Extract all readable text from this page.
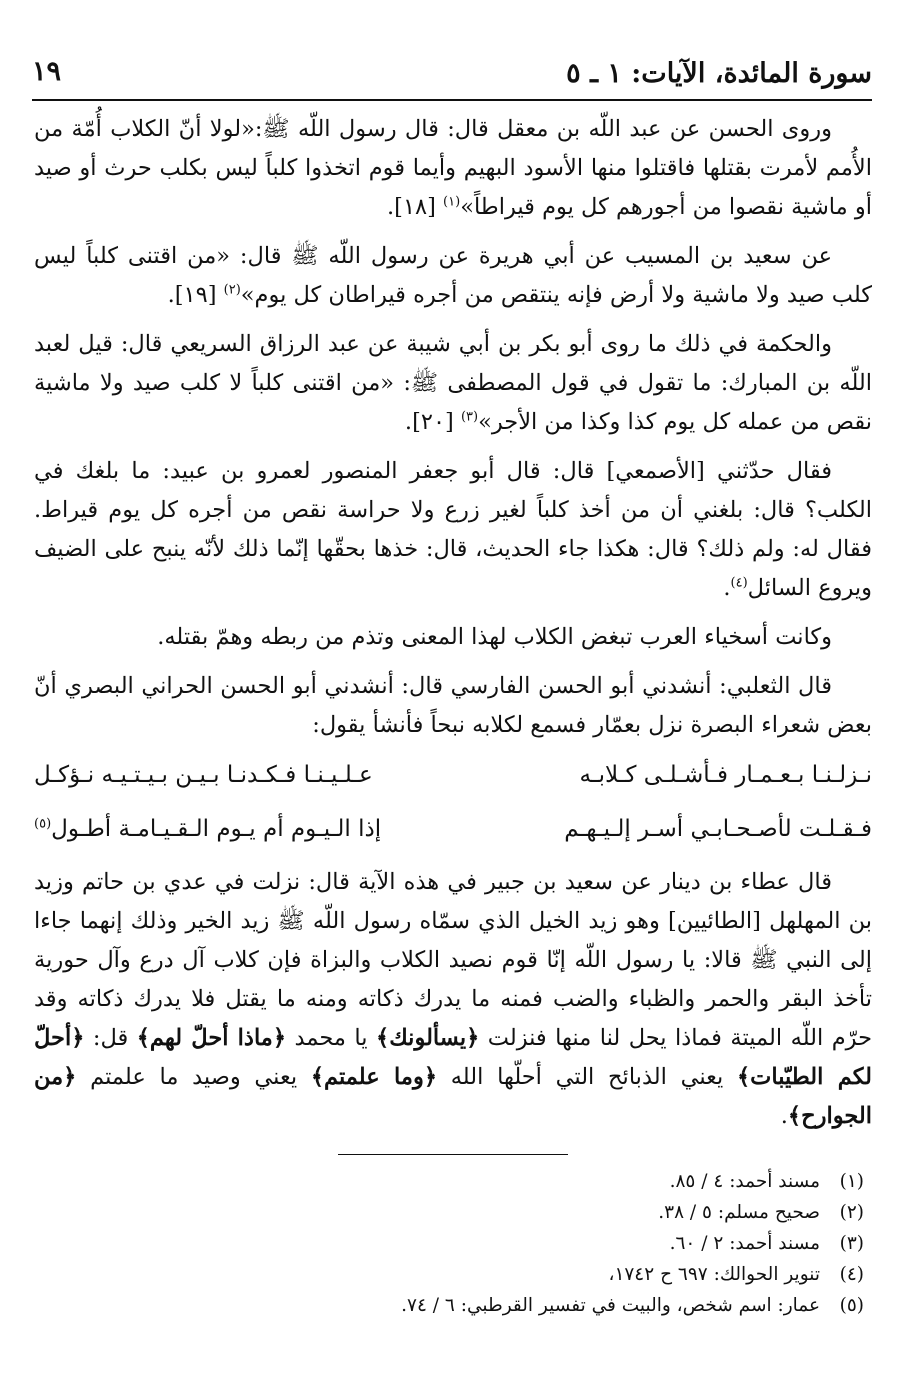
سورة المائدة، الآيات: ١ ـ ٥
١٩

وروى الحسن عن عبد اللّه بن معقل قال: قال رسول اللّه ﷺ:«لولا أنّ الكلاب أُمّة من الأُمم لأمرت بقتلها فاقتلوا منها الأسود البهيم وأيما قوم اتخذوا كلباً ليس بكلب حرث أو صيد أو ماشية نقصوا من أجورهم كل يوم قيراطاً»$^{(١)}$ [١٨].

عن سعيد بن المسيب عن أبي هريرة عن رسول اللّه ﷺ قال: «من اقتنى كلباً ليس كلب صيد ولا ماشية ولا أرض فإنه ينتقص من أجره قيراطان كل يوم»$^{(٢)}$ [١٩].

والحكمة في ذلك ما روى أبو بكر بن أبي شيبة عن عبد الرزاق السريعي قال: قيل لعبد اللّه بن المبارك: ما تقول في قول المصطفى ﷺ: «من اقتنى كلباً لا كلب صيد ولا ماشية نقص من عمله كل يوم كذا وكذا من الأجر»$^{(٣)}$ [٢٠].

فقال حدّثني [الأصمعي] قال: قال أبو جعفر المنصور لعمرو بن عبيد: ما بلغك في الكلب؟ قال: بلغني أن من أخذ كلباً لغير زرع ولا حراسة نقص من أجره كل يوم قيراط. فقال له: ولم ذلك؟ قال: هكذا جاء الحديث، قال: خذها بحقّها إنّما ذلك لأنّه ينبح على الضيف ويروع السائل$^{(٤)}$.

وكانت أسخياء العرب تبغض الكلاب لهذا المعنى وتذم من ربطه وهمّ بقتله.

قال الثعلبي: أنشدني أبو الحسن الفارسي قال: أنشدني أبو الحسن الحراني البصري أنّ بعض شعراء البصرة نزل بعمّار فسمع لكلابه نبحاً فأنشأ يقول:

نـزلـنـا بـعـمـار فـأشـلـى كـلابـه
عـلـيـنـا فـكـدنـا بـيـن بـيـتـيـه نـؤكـل
فـقـلـت لأصـحـابـي أسـر إلـيـهـم
إذا الـيـوم أم يـوم الـقـيـامـة أطـول$^{(٥)}$

قال عطاء بن دينار عن سعيد بن جبير في هذه الآية قال: نزلت في عدي بن حاتم وزيد بن المهلهل [الطائيين] وهو زيد الخيل الذي سمّاه رسول اللّه ﷺ زيد الخير وذلك إنهما جاءا إلى النبي ﷺ قالا: يا رسول اللّه إنّا قوم نصيد الكلاب والبزاة فإن كلاب آل درع وآل حورية تأخذ البقر والحمر والظباء والضب فمنه ما يدرك ذكاته ومنه ما يقتل فلا يدرك ذكاته وقد حرّم اللّه الميتة فماذا يحل لنا منها فنزلت ﴿يسألونك﴾ يا محمد ﴿ماذا أحلّ لهم﴾ قل: ﴿أحلّ لكم الطيّبات﴾ يعني الذبائح التي أحلّها الله ﴿وما علمتم﴾ يعني وصيد ما علمتم ﴿من الجوارح﴾.

(١)مسند أحمد: ٤ / ٨٥.
(٢)صحيح مسلم: ٥ / ٣٨.
(٣)مسند أحمد: ٢ / ٦٠.
(٤)تنوير الحوالك: ٦٩٧ ح ١٧٤٢،
(٥)عمار: اسم شخص، والبيت في تفسير القرطبي: ٦ / ٧٤.
